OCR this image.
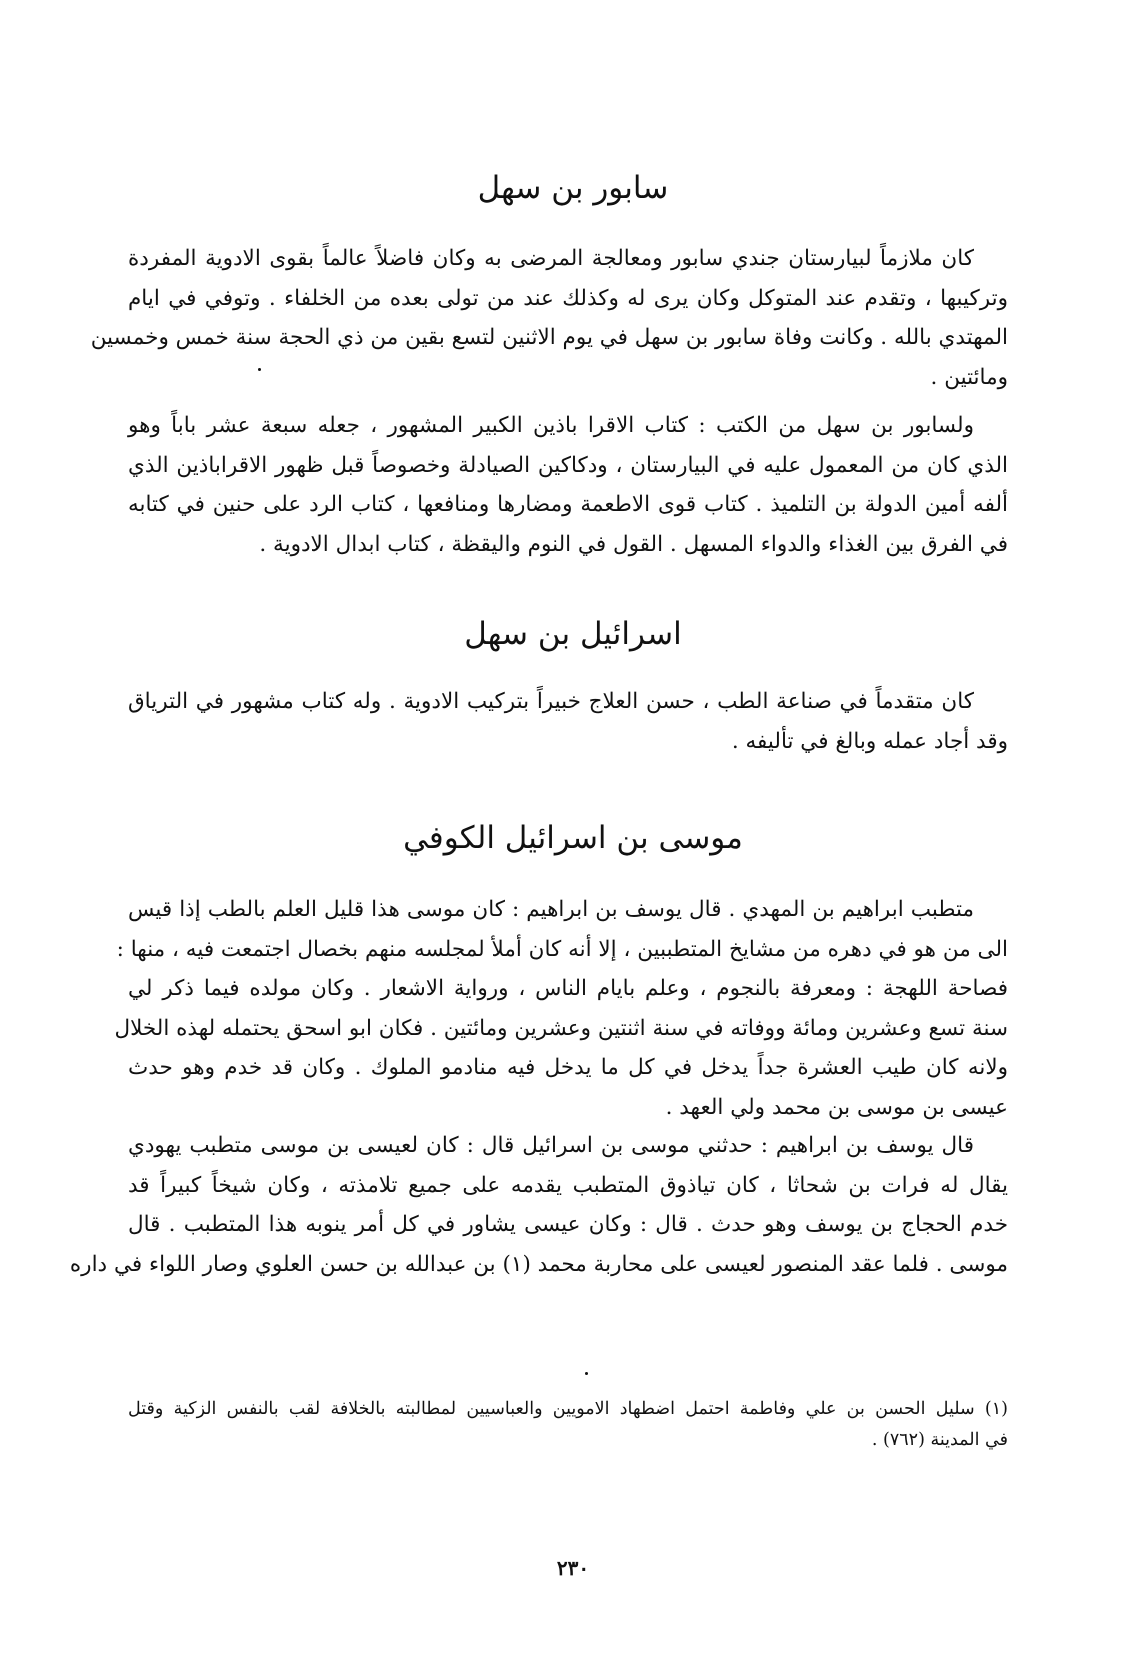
سابور بن سهل
كان ملازماً لبيارستان جندي سابور ومعالجة المرضى به وكان فاضلاً عالماً بقوى الادوية المفردة
وتركيبها ، وتقدم عند المتوكل وكان يرى له وكذلك عند من تولى بعده من الخلفاء . وتوفي في ايام
المهتدي بالله . وكانت وفاة سابور بن سهل في يوم الاثنين لتسع بقين من ذي الحجة سنة خمس وخمسين
ومائتين .
ولسابور بن سهل من الكتب : كتاب الاقرا باذين الكبير المشهور ، جعله سبعة عشر باباً وهو
الذي كان من المعمول عليه في البيارستان ، ودكاكين الصيادلة وخصوصاً قبل ظهور الاقراباذين الذي
ألفه أمين الدولة بن التلميذ . كتاب قوى الاطعمة ومضارها ومنافعها ، كتاب الرد على حنين في كتابه
في الفرق بين الغذاء والدواء المسهل . القول في النوم واليقظة ، كتاب ابدال الادوية .
اسرائيل بن سهل
كان متقدماً في صناعة الطب ، حسن العلاج خبيراً بتركيب الادوية . وله كتاب مشهور في الترياق
وقد أجاد عمله وبالغ في تأليفه .
موسى بن اسرائيل الكوفي
متطبب ابراهيم بن المهدي . قال يوسف بن ابراهيم : كان موسى هذا قليل العلم بالطب إذا قيس
الى من هو في دهره من مشايخ المتطببين ، إلا أنه كان أملأ لمجلسه منهم بخصال اجتمعت فيه ، منها :
فصاحة اللهجة : ومعرفة بالنجوم ، وعلم بايام الناس ، ورواية الاشعار . وكان مولده فيما ذكر لي
سنة تسع وعشرين ومائة ووفاته في سنة اثنتين وعشرين ومائتين . فكان ابو اسحق يحتمله لهذه الخلال
ولانه كان طيب العشرة جداً يدخل في كل ما يدخل فيه منادمو الملوك . وكان قد خدم وهو حدث
عيسى بن موسى بن محمد ولي العهد .
قال يوسف بن ابراهيم : حدثني موسى بن اسرائيل قال : كان لعيسى بن موسى متطبب يهودي
يقال له فرات بن شحاثا ، كان تياذوق المتطبب يقدمه على جميع تلامذته ، وكان شيخاً كبيراً قد
خدم الحجاج بن يوسف وهو حدث . قال : وكان عيسى يشاور في كل أمر ينوبه هذا المتطبب . قال
موسى . فلما عقد المنصور لعيسى على محاربة محمد (١) بن عبدالله بن حسن العلوي وصار اللواء في داره
(١) سليل الحسن بن علي وفاطمة احتمل اضطهاد الامويين والعباسيين لمطالبته بالخلافة لقب بالنفس الزكية وقتل
في المدينة (٧٦٢) .
٢٣٠
